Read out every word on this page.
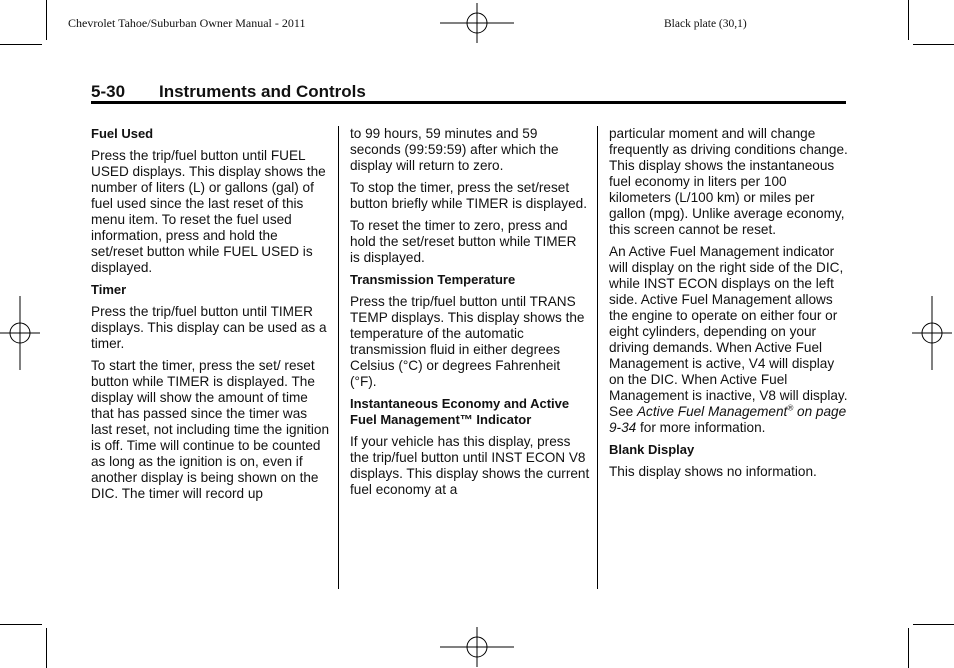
Chevrolet Tahoe/Suburban Owner Manual - 2011	Black plate (30,1)
5-30 Instruments and Controls
Fuel Used

Press the trip/fuel button until FUEL USED displays. This display shows the number of liters (L) or gallons (gal) of fuel used since the last reset of this menu item. To reset the fuel used information, press and hold the set/reset button while FUEL USED is displayed.

Timer

Press the trip/fuel button until TIMER displays. This display can be used as a timer.

To start the timer, press the set/ reset button while TIMER is displayed. The display will show the amount of time that has passed since the timer was last reset, not including time the ignition is off. Time will continue to be counted as long as the ignition is on, even if another display is being shown on the DIC. The timer will record up

to 99 hours, 59 minutes and 59 seconds (99:59:59) after which the display will return to zero.

To stop the timer, press the set/reset button briefly while TIMER is displayed.

To reset the timer to zero, press and hold the set/reset button while TIMER is displayed.

Transmission Temperature

Press the trip/fuel button until TRANS TEMP displays. This display shows the temperature of the automatic transmission fluid in either degrees Celsius (°C) or degrees Fahrenheit (°F).

Instantaneous Economy and Active Fuel Management™ Indicator

If your vehicle has this display, press the trip/fuel button until INST ECON V8 displays. This display shows the current fuel economy at a

particular moment and will change frequently as driving conditions change. This display shows the instantaneous fuel economy in liters per 100 kilometers (L/100 km) or miles per gallon (mpg). Unlike average economy, this screen cannot be reset.

An Active Fuel Management indicator will display on the right side of the DIC, while INST ECON displays on the left side. Active Fuel Management allows the engine to operate on either four or eight cylinders, depending on your driving demands. When Active Fuel Management is active, V4 will display on the DIC. When Active Fuel Management is inactive, V8 will display. See Active Fuel Management® on page 9‑34 for more information.

Blank Display

This display shows no information.
